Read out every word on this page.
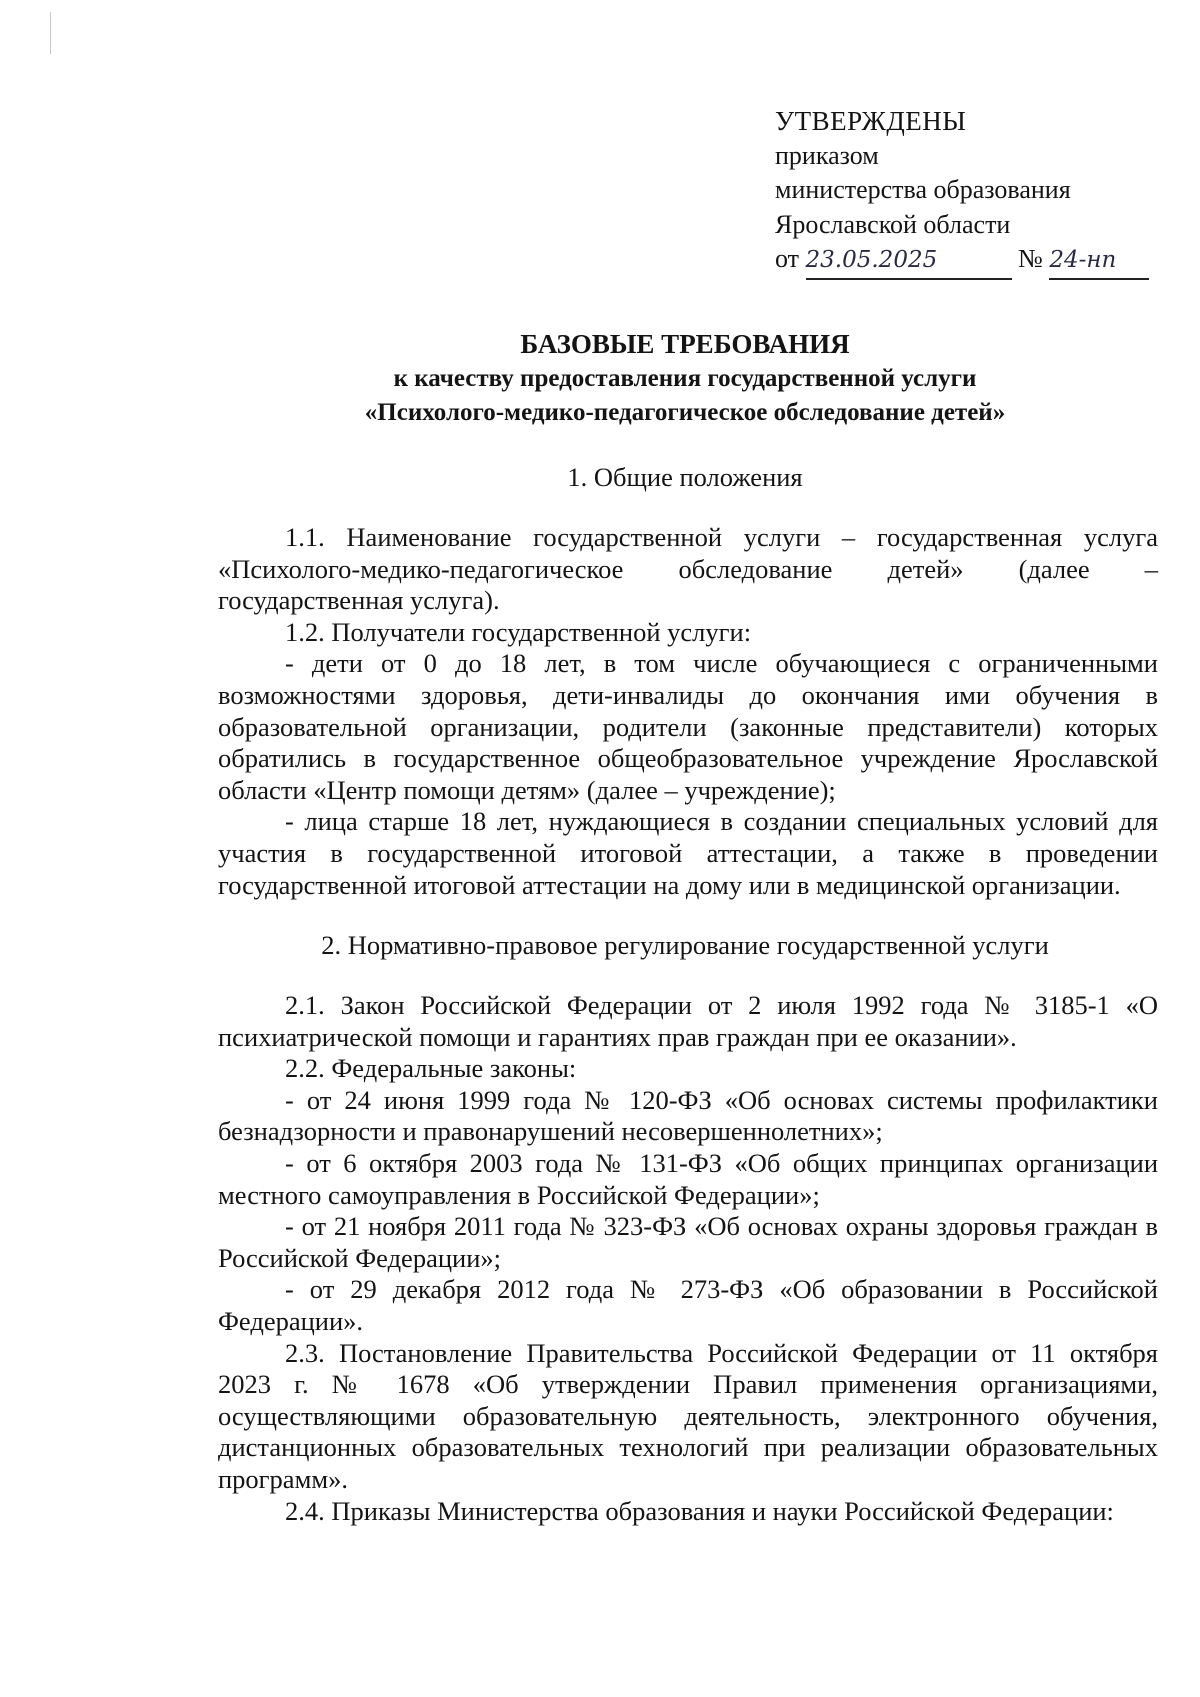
УТВЕРЖДЕНЫ
приказом
министерства образования
Ярославской области
от 23.05.2025	№ 24-нп
БАЗОВЫЕ ТРЕБОВАНИЯ
к качеству предоставления государственной услуги
«Психолого-медико-педагогическое обследование детей»
1. Общие положения

1.1. Наименование государственной услуги – государственная услуга

«Психолого-медико-педагогическое обследование детей» (далее –

государственная услуга).

1.2. Получатели государственной услуги:

- дети от 0 до 18 лет, в том числе обучающиеся с ограниченными возможностями здоровья, дети-инвалиды до окончания ими обучения в образовательной организации, родители (законные представители) которых обратились в государственное общеобразовательное учреждение Ярославской области «Центр помощи детям» (далее – учреждение);

- лица старше 18 лет, нуждающиеся в создании специальных условий для участия в государственной итоговой аттестации, а также в проведении государственной итоговой аттестации на дому или в медицинской организации.

2. Нормативно-правовое регулирование государственной услуги

2.1. Закон Российской Федерации от 2 июля 1992 года № 3185-1 «О психиатрической помощи и гарантиях прав граждан при ее оказании».

2.2. Федеральные законы:

- от 24 июня 1999 года № 120-ФЗ «Об основах системы профилактики безнадзорности и правонарушений несовершеннолетних»;

- от 6 октября 2003 года № 131-ФЗ «Об общих принципах организации местного самоуправления в Российской Федерации»;

- от 21 ноября 2011 года № 323-ФЗ «Об основах охраны здоровья граждан в Российской Федерации»;

- от 29 декабря 2012 года № 273-ФЗ «Об образовании в Российской Федерации».

2.3. Постановление Правительства Российской Федерации от 11 октября 2023 г. № 1678 «Об утверждении Правил применения организациями, осуществляющими образовательную деятельность, электронного обучения, дистанционных образовательных технологий при реализации образовательных программ».

2.4. Приказы Министерства образования и науки Российской Федерации:
